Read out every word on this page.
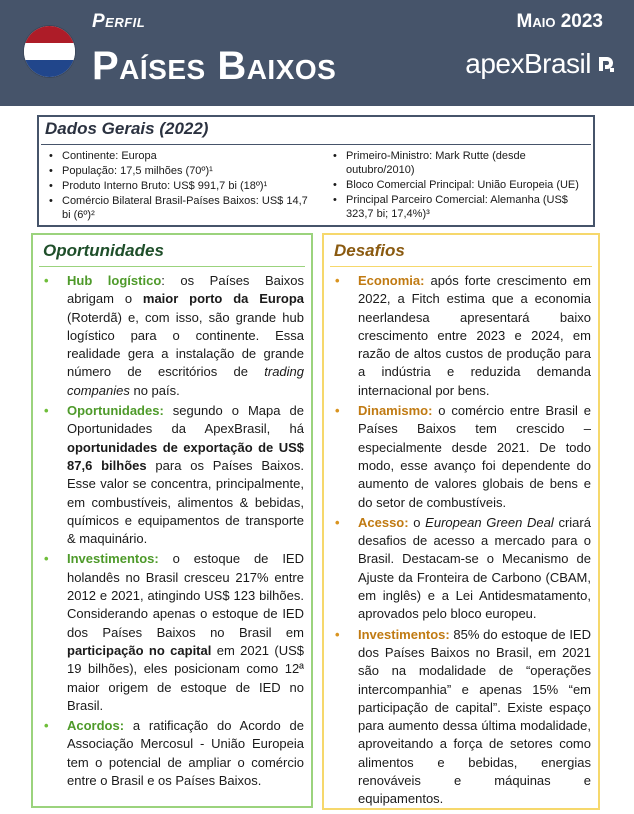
Perfil
Países Baixos
Maio 2023
apexBrasil
Dados Gerais (2022)
• Continente: Europa
• População: 17,5 milhões (70º)¹
• Produto Interno Bruto: US$ 991,7 bi (18º)¹
• Comércio Bilateral Brasil-Países Baixos: US$ 14,7 bi (6º)²
• Primeiro-Ministro: Mark Rutte (desde outubro/2010)
• Bloco Comercial Principal: União Europeia (UE)
• Principal Parceiro Comercial: Alemanha (US$ 323,7 bi; 17,4%)³
Oportunidades
• Hub logístico: os Países Baixos abrigam o maior porto da Europa (Roterdã) e, com isso, são grande hub logístico para o continente. Essa realidade gera a instalação de grande número de escritórios de trading companies no país.
• Oportunidades: segundo o Mapa de Oportunidades da ApexBrasil, há oportunidades de exportação de US$ 87,6 bilhões para os Países Baixos. Esse valor se concentra, principalmente, em combustíveis, alimentos & bebidas, químicos e equipamentos de transporte & maquinário.
• Investimentos: o estoque de IED holandês no Brasil cresceu 217% entre 2012 e 2021, atingindo US$ 123 bilhões. Considerando apenas o estoque de IED dos Países Baixos no Brasil em participação no capital em 2021 (US$ 19 bilhões), eles posicionam como 12ª maior origem de estoque de IED no Brasil.
• Acordos: a ratificação do Acordo de Associação Mercosul - União Europeia tem o potencial de ampliar o comércio entre o Brasil e os Países Baixos.
Desafios
• Economia: após forte crescimento em 2022, a Fitch estima que a economia neerlandesa apresentará baixo crescimento entre 2023 e 2024, em razão de altos custos de produção para a indústria e reduzida demanda internacional por bens.
• Dinamismo: o comércio entre Brasil e Países Baixos tem crescido – especialmente desde 2021. De todo modo, esse avanço foi dependente do aumento de valores globais de bens e do setor de combustíveis.
• Acesso: o European Green Deal criará desafios de acesso a mercado para o Brasil. Destacam-se o Mecanismo de Ajuste da Fronteira de Carbono (CBAM, em inglês) e a Lei Antidesmatamento, aprovados pelo bloco europeu.
• Investimentos: 85% do estoque de IED dos Países Baixos no Brasil, em 2021 são na modalidade de “operações intercompanhia” e apenas 15% “em participação de capital”. Existe espaço para aumento dessa última modalidade, aproveitando a força de setores como alimentos e bebidas, energias renováveis e máquinas e equipamentos.
